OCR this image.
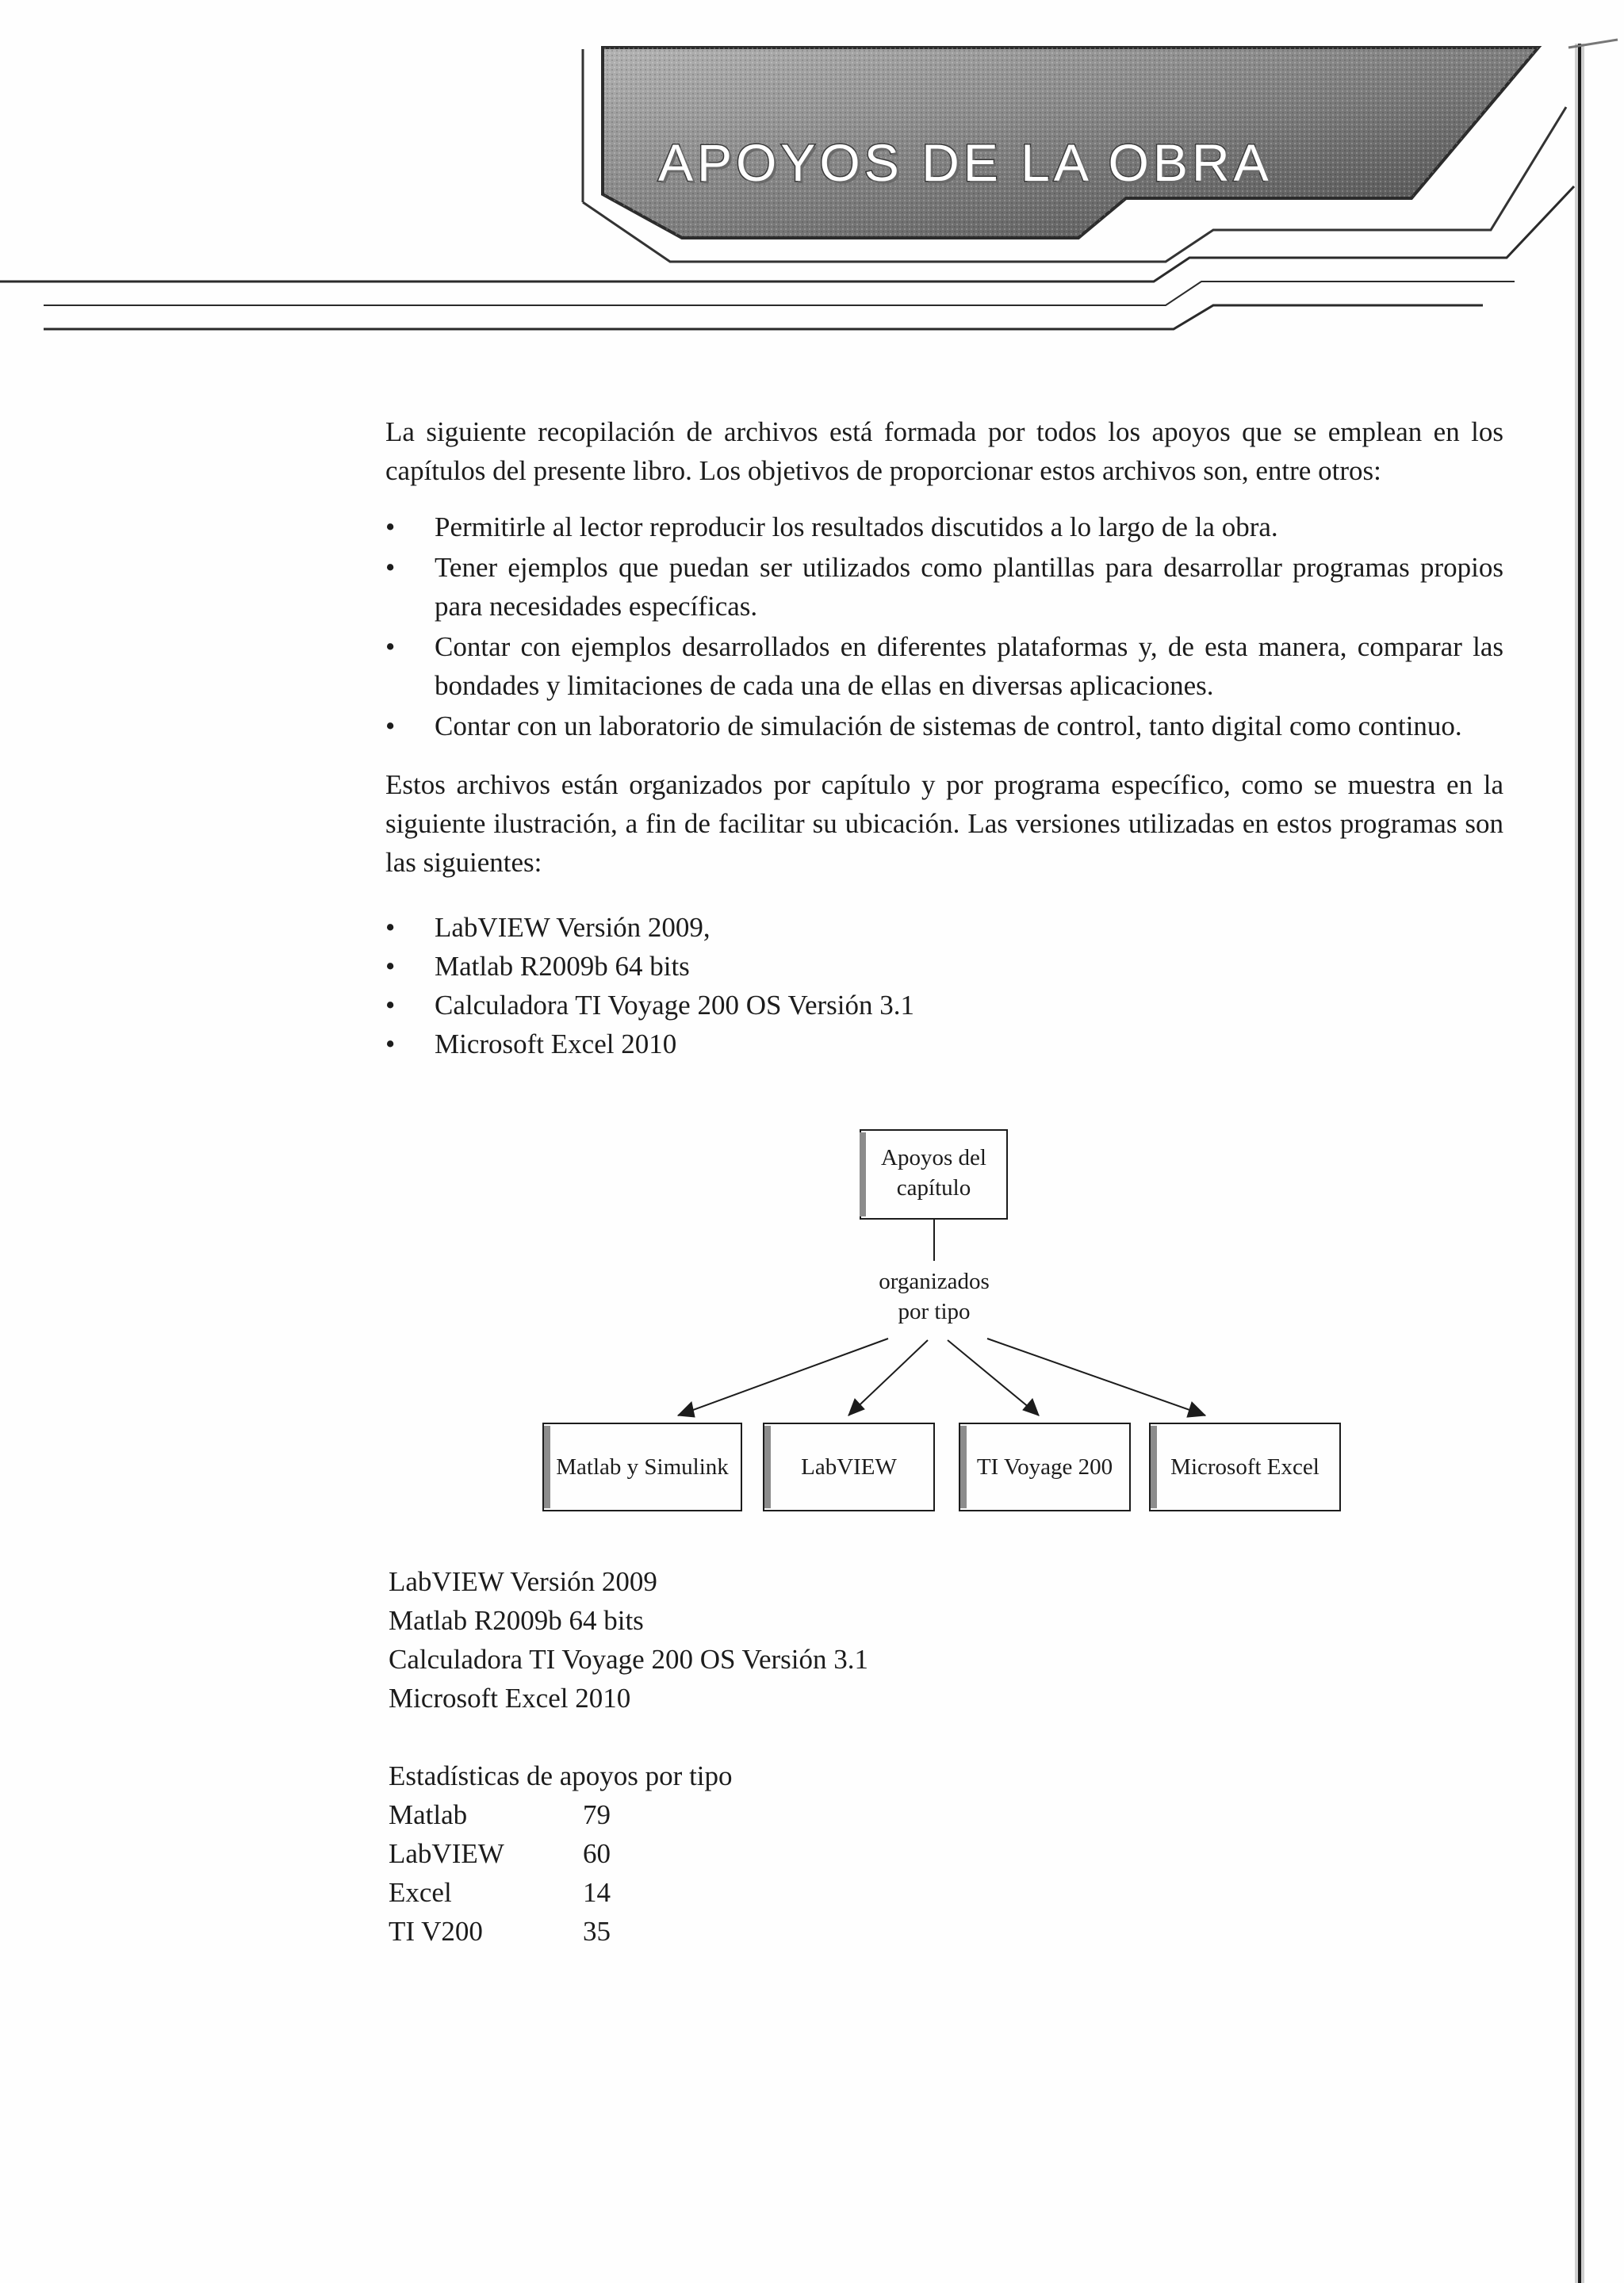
APOYOS DE LA OBRA

La siguiente recopilación de archivos está formada por todos los apoyos que se emplean en los capítulos del presente libro. Los objetivos de proporcionar estos archivos son, entre otros:

• Permitirle al lector reproducir los resultados discutidos a lo largo de la obra.
• Tener ejemplos que puedan ser utilizados como plantillas para desarrollar programas propios para necesidades específicas.
• Contar con ejemplos desarrollados en diferentes plataformas y, de esta manera, comparar las bondades y limitaciones de cada una de ellas en diversas aplicaciones.
• Contar con un laboratorio de simulación de sistemas de control, tanto digital como continuo.

Estos archivos están organizados por capítulo y por programa específico, como se muestra en la siguiente ilustración, a fin de facilitar su ubicación. Las versiones utilizadas en estos programas son las siguientes:

• LabVIEW Versión 2009,
• Matlab R2009b 64 bits
• Calculadora TI Voyage 200 OS Versión 3.1
• Microsoft Excel 2010
Apoyos del
capítulo
organizados
por tipo
Matlab y Simulink	LabVIEW	TI Voyage 200	Microsoft Excel
LabVIEW Versión 2009
Matlab R2009b 64 bits
Calculadora TI Voyage 200 OS Versión 3.1
Microsoft Excel 2010
Estadísticas de apoyos por tipo
Matlab	79
LabVIEW	60
Excel	14
TI V200	35
